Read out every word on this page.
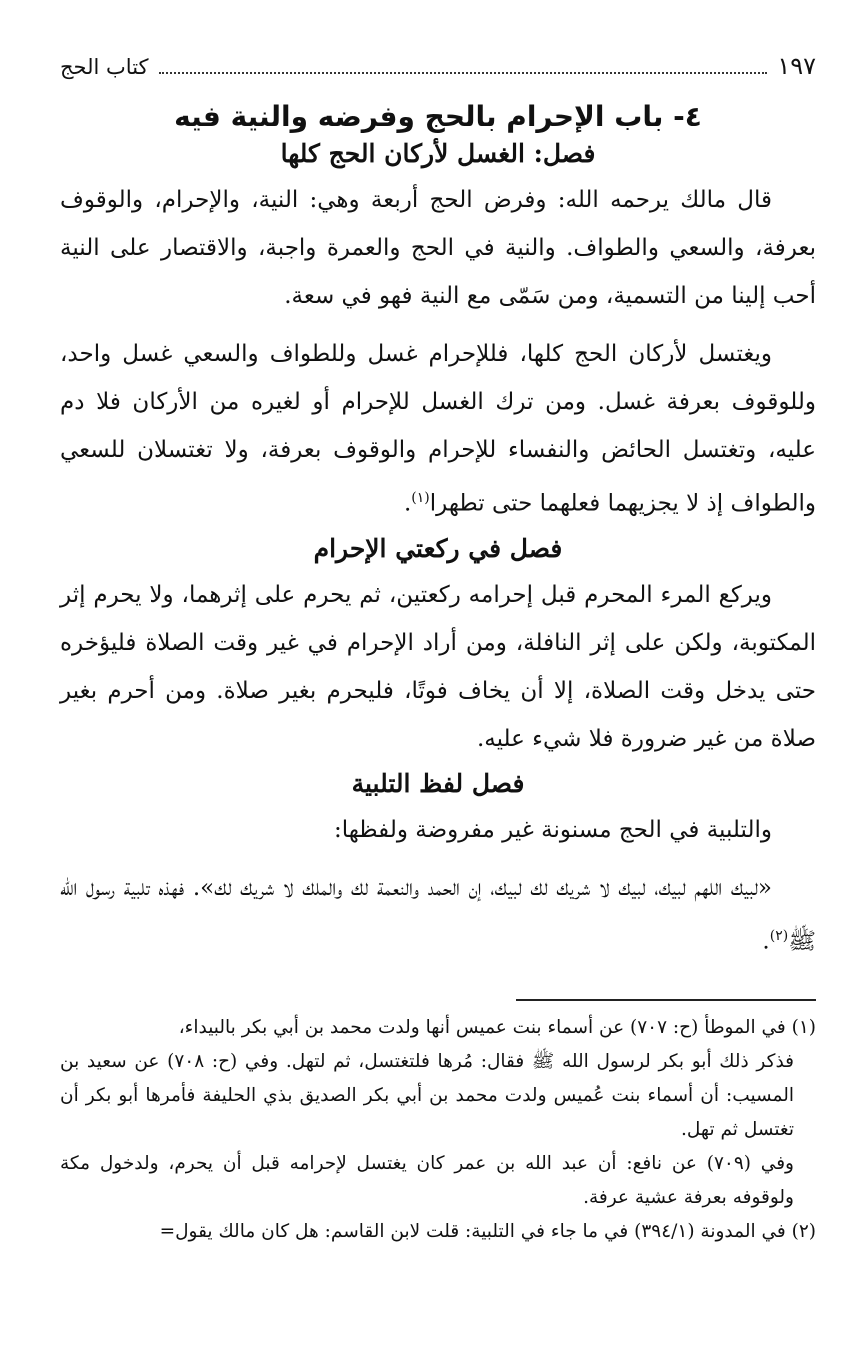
١٩٧
كتاب الحج
٤- باب الإحرام بالحج وفرضه والنية فيه
فصل: الغسل لأركان الحج كلها

قال مالك يرحمه الله: وفرض الحج أربعة وهي: النية، والإحرام، والوقوف بعرفة، والسعي والطواف. والنية في الحج والعمرة واجبة، والاقتصار على النية أحب إلينا من التسمية، ومن سَمّى مع النية فهو في سعة.

ويغتسل لأركان الحج كلها، فللإحرام غسل وللطواف والسعي غسل واحد، وللوقوف بعرفة غسل. ومن ترك الغسل للإحرام أو لغيره من الأركان فلا دم عليه، وتغتسل الحائض والنفساء للإحرام والوقوف بعرفة، ولا تغتسلان للسعي والطواف إذ لا يجزيهما فعلهما حتى تطهرا$^{(١)}$.

فصل في ركعتي الإحرام

ويركع المرء المحرم قبل إحرامه ركعتين، ثم يحرم على إثرهما، ولا يحرم إثر المكتوبة، ولكن على إثر النافلة، ومن أراد الإحرام في غير وقت الصلاة فليؤخره حتى يدخل وقت الصلاة، إلا أن يخاف فوتًا، فليحرم بغير صلاة. ومن أحرم بغير صلاة من غير ضرورة فلا شيء عليه.

فصل لفظ التلبية

والتلبية في الحج مسنونة غير مفروضة ولفظها:

«لبيك اللهم لبيك، لبيك لا شريك لك لبيك، إن الحمد والنعمة لك والملك لا شريك لك». فهذه تلبية رسول الله ﷺ$^{(٢)}$.

(١) في الموطأ (ح: ٧٠٧) عن أسماء بنت عميس أنها ولدت محمد بن أبي بكر بالبيداء،
فذكر ذلك أبو بكر لرسول الله ﷺ فقال: مُرها فلتغتسل، ثم لتهل. وفي (ح: ٧٠٨) عن سعيد بن المسيب: أن أسماء بنت عُميس ولدت محمد بن أبي بكر الصديق بذي الحليفة فأمرها أبو بكر أن تغتسل ثم تهل.

وفي (٧٠٩) عن نافع: أن عبد الله بن عمر كان يغتسل لإحرامه قبل أن يحرم، ولدخول مكة ولوقوفه بعرفة عشية عرفة.

(٢) في المدونة (٣٩٤/١) في ما جاء في التلبية: قلت لابن القاسم: هل كان مالك يقول=
